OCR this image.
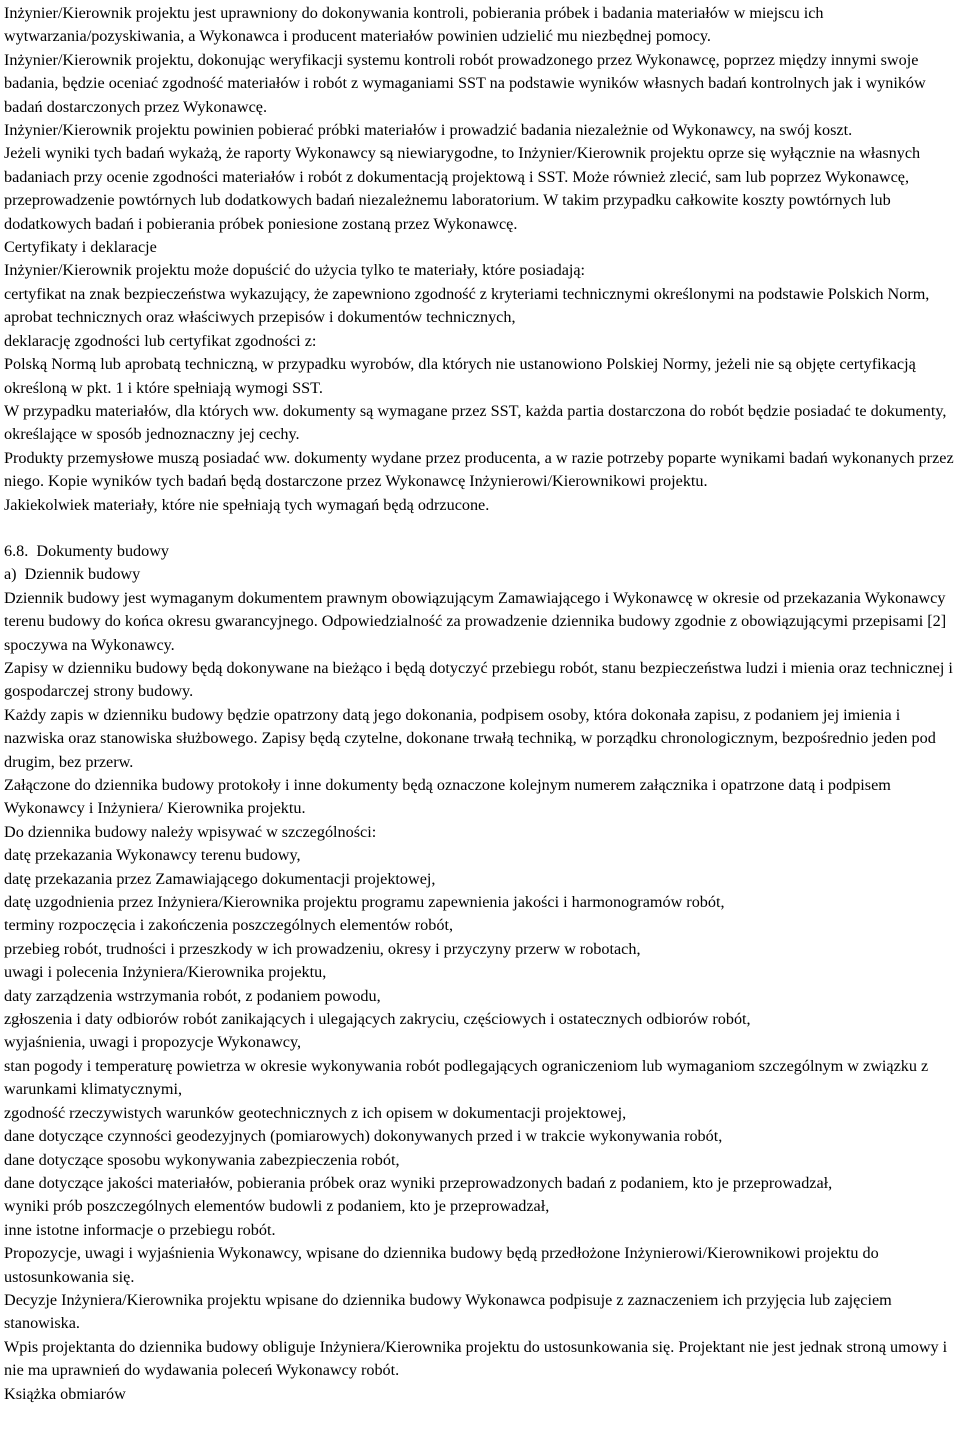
Inżynier/Kierownik projektu jest uprawniony do dokonywania kontroli, pobierania próbek i badania materiałów w miejscu ich wytwarzania/pozyskiwania, a Wykonawca i producent materiałów powinien udzielić mu niezbędnej pomocy.

Inżynier/Kierownik projektu, dokonując weryfikacji systemu kontroli robót prowadzonego przez Wykonawcę, poprzez między innymi swoje badania, będzie oceniać zgodność materiałów i robót z wymaganiami SST na podstawie wyników własnych badań kontrolnych jak i wyników badań dostarczonych przez Wykonawcę.

Inżynier/Kierownik projektu powinien pobierać próbki materiałów i prowadzić badania niezależnie od Wykonawcy, na swój koszt.

Jeżeli wyniki tych badań wykażą, że raporty Wykonawcy są niewiarygodne, to Inżynier/Kierownik projektu oprze się wyłącznie na własnych badaniach przy ocenie zgodności materiałów i robót z dokumentacją projektową i SST. Może również zlecić, sam lub poprzez Wykonawcę, przeprowadzenie powtórnych lub dodatkowych badań niezależnemu laboratorium. W takim przypadku całkowite koszty powtórnych lub dodatkowych badań i pobierania próbek poniesione zostaną przez Wykonawcę.

Certyfikaty i deklaracje

Inżynier/Kierownik projektu może dopuścić do użycia tylko te materiały, które posiadają:

certyfikat na znak bezpieczeństwa wykazujący, że zapewniono zgodność z kryteriami technicznymi określonymi na podstawie Polskich Norm, aprobat technicznych oraz właściwych przepisów i dokumentów technicznych,

deklarację zgodności lub certyfikat zgodności z:

Polską Normą lub aprobatą techniczną, w przypadku wyrobów, dla których nie ustanowiono Polskiej Normy, jeżeli nie są objęte certyfikacją określoną w pkt. 1 i które spełniają wymogi SST.

W przypadku materiałów, dla których ww. dokumenty są wymagane przez SST, każda partia dostarczona do robót będzie posiadać te dokumenty, określające w sposób jednoznaczny jej cechy.

Produkty przemysłowe muszą posiadać ww. dokumenty wydane przez producenta, a w razie potrzeby poparte wynikami badań wykonanych przez niego. Kopie wyników tych badań będą dostarczone przez Wykonawcę Inżynierowi/Kierownikowi projektu.

Jakiekolwiek materiały, które nie spełniają tych wymagań będą odrzucone.

6.8.  Dokumenty budowy

a)  Dziennik budowy

Dziennik budowy jest wymaganym dokumentem prawnym obowiązującym Zamawiającego i Wykonawcę w okresie od przekazania Wykonawcy terenu budowy do końca okresu gwarancyjnego. Odpowiedzialność za prowadzenie dziennika budowy zgodnie z obowiązującymi przepisami [2] spoczywa na Wykonawcy.

Zapisy w dzienniku budowy będą dokonywane na bieżąco i będą dotyczyć przebiegu robót, stanu bezpieczeństwa ludzi i mienia oraz technicznej i gospodarczej strony budowy.

Każdy zapis w dzienniku budowy będzie opatrzony datą jego dokonania, podpisem osoby, która dokonała zapisu, z podaniem jej imienia i nazwiska oraz stanowiska służbowego. Zapisy będą czytelne, dokonane trwałą techniką, w porządku chronologicznym, bezpośrednio jeden pod drugim, bez przerw.

Załączone do dziennika budowy protokoły i inne dokumenty będą oznaczone kolejnym numerem załącznika i opatrzone datą i podpisem Wykonawcy i Inżyniera/ Kierownika projektu.

Do dziennika budowy należy wpisywać w szczególności:

datę przekazania Wykonawcy terenu budowy,

datę przekazania przez Zamawiającego dokumentacji projektowej,

datę uzgodnienia przez Inżyniera/Kierownika projektu programu zapewnienia jakości i harmonogramów robót,

terminy rozpoczęcia i zakończenia poszczególnych elementów robót,

przebieg robót, trudności i przeszkody w ich prowadzeniu, okresy i przyczyny przerw w robotach,

uwagi i polecenia Inżyniera/Kierownika projektu,

daty zarządzenia wstrzymania robót, z podaniem powodu,

zgłoszenia i daty odbiorów robót zanikających i ulegających zakryciu, częściowych i ostatecznych odbiorów robót,

wyjaśnienia, uwagi i propozycje Wykonawcy,

stan pogody i temperaturę powietrza w okresie wykonywania robót podlegających ograniczeniom lub wymaganiom szczególnym w związku z warunkami klimatycznymi,

zgodność rzeczywistych warunków geotechnicznych z ich opisem w dokumentacji projektowej,

dane dotyczące czynności geodezyjnych (pomiarowych) dokonywanych przed i w trakcie wykonywania robót,

dane dotyczące sposobu wykonywania zabezpieczenia robót,

dane dotyczące jakości materiałów, pobierania próbek oraz wyniki przeprowadzonych badań z podaniem, kto je przeprowadzał,

wyniki prób poszczególnych elementów budowli z podaniem, kto je przeprowadzał,

inne istotne informacje o przebiegu robót.

Propozycje, uwagi i wyjaśnienia Wykonawcy, wpisane do dziennika budowy będą przedłożone Inżynierowi/Kierownikowi projektu do ustosunkowania się.

Decyzje Inżyniera/Kierownika projektu wpisane do dziennika budowy Wykonawca podpisuje z zaznaczeniem ich przyjęcia lub zajęciem stanowiska.

Wpis projektanta do dziennika budowy obliguje Inżyniera/Kierownika projektu do ustosunkowania się. Projektant nie jest jednak stroną umowy i nie ma uprawnień do wydawania poleceń Wykonawcy robót.

Książka obmiarów
